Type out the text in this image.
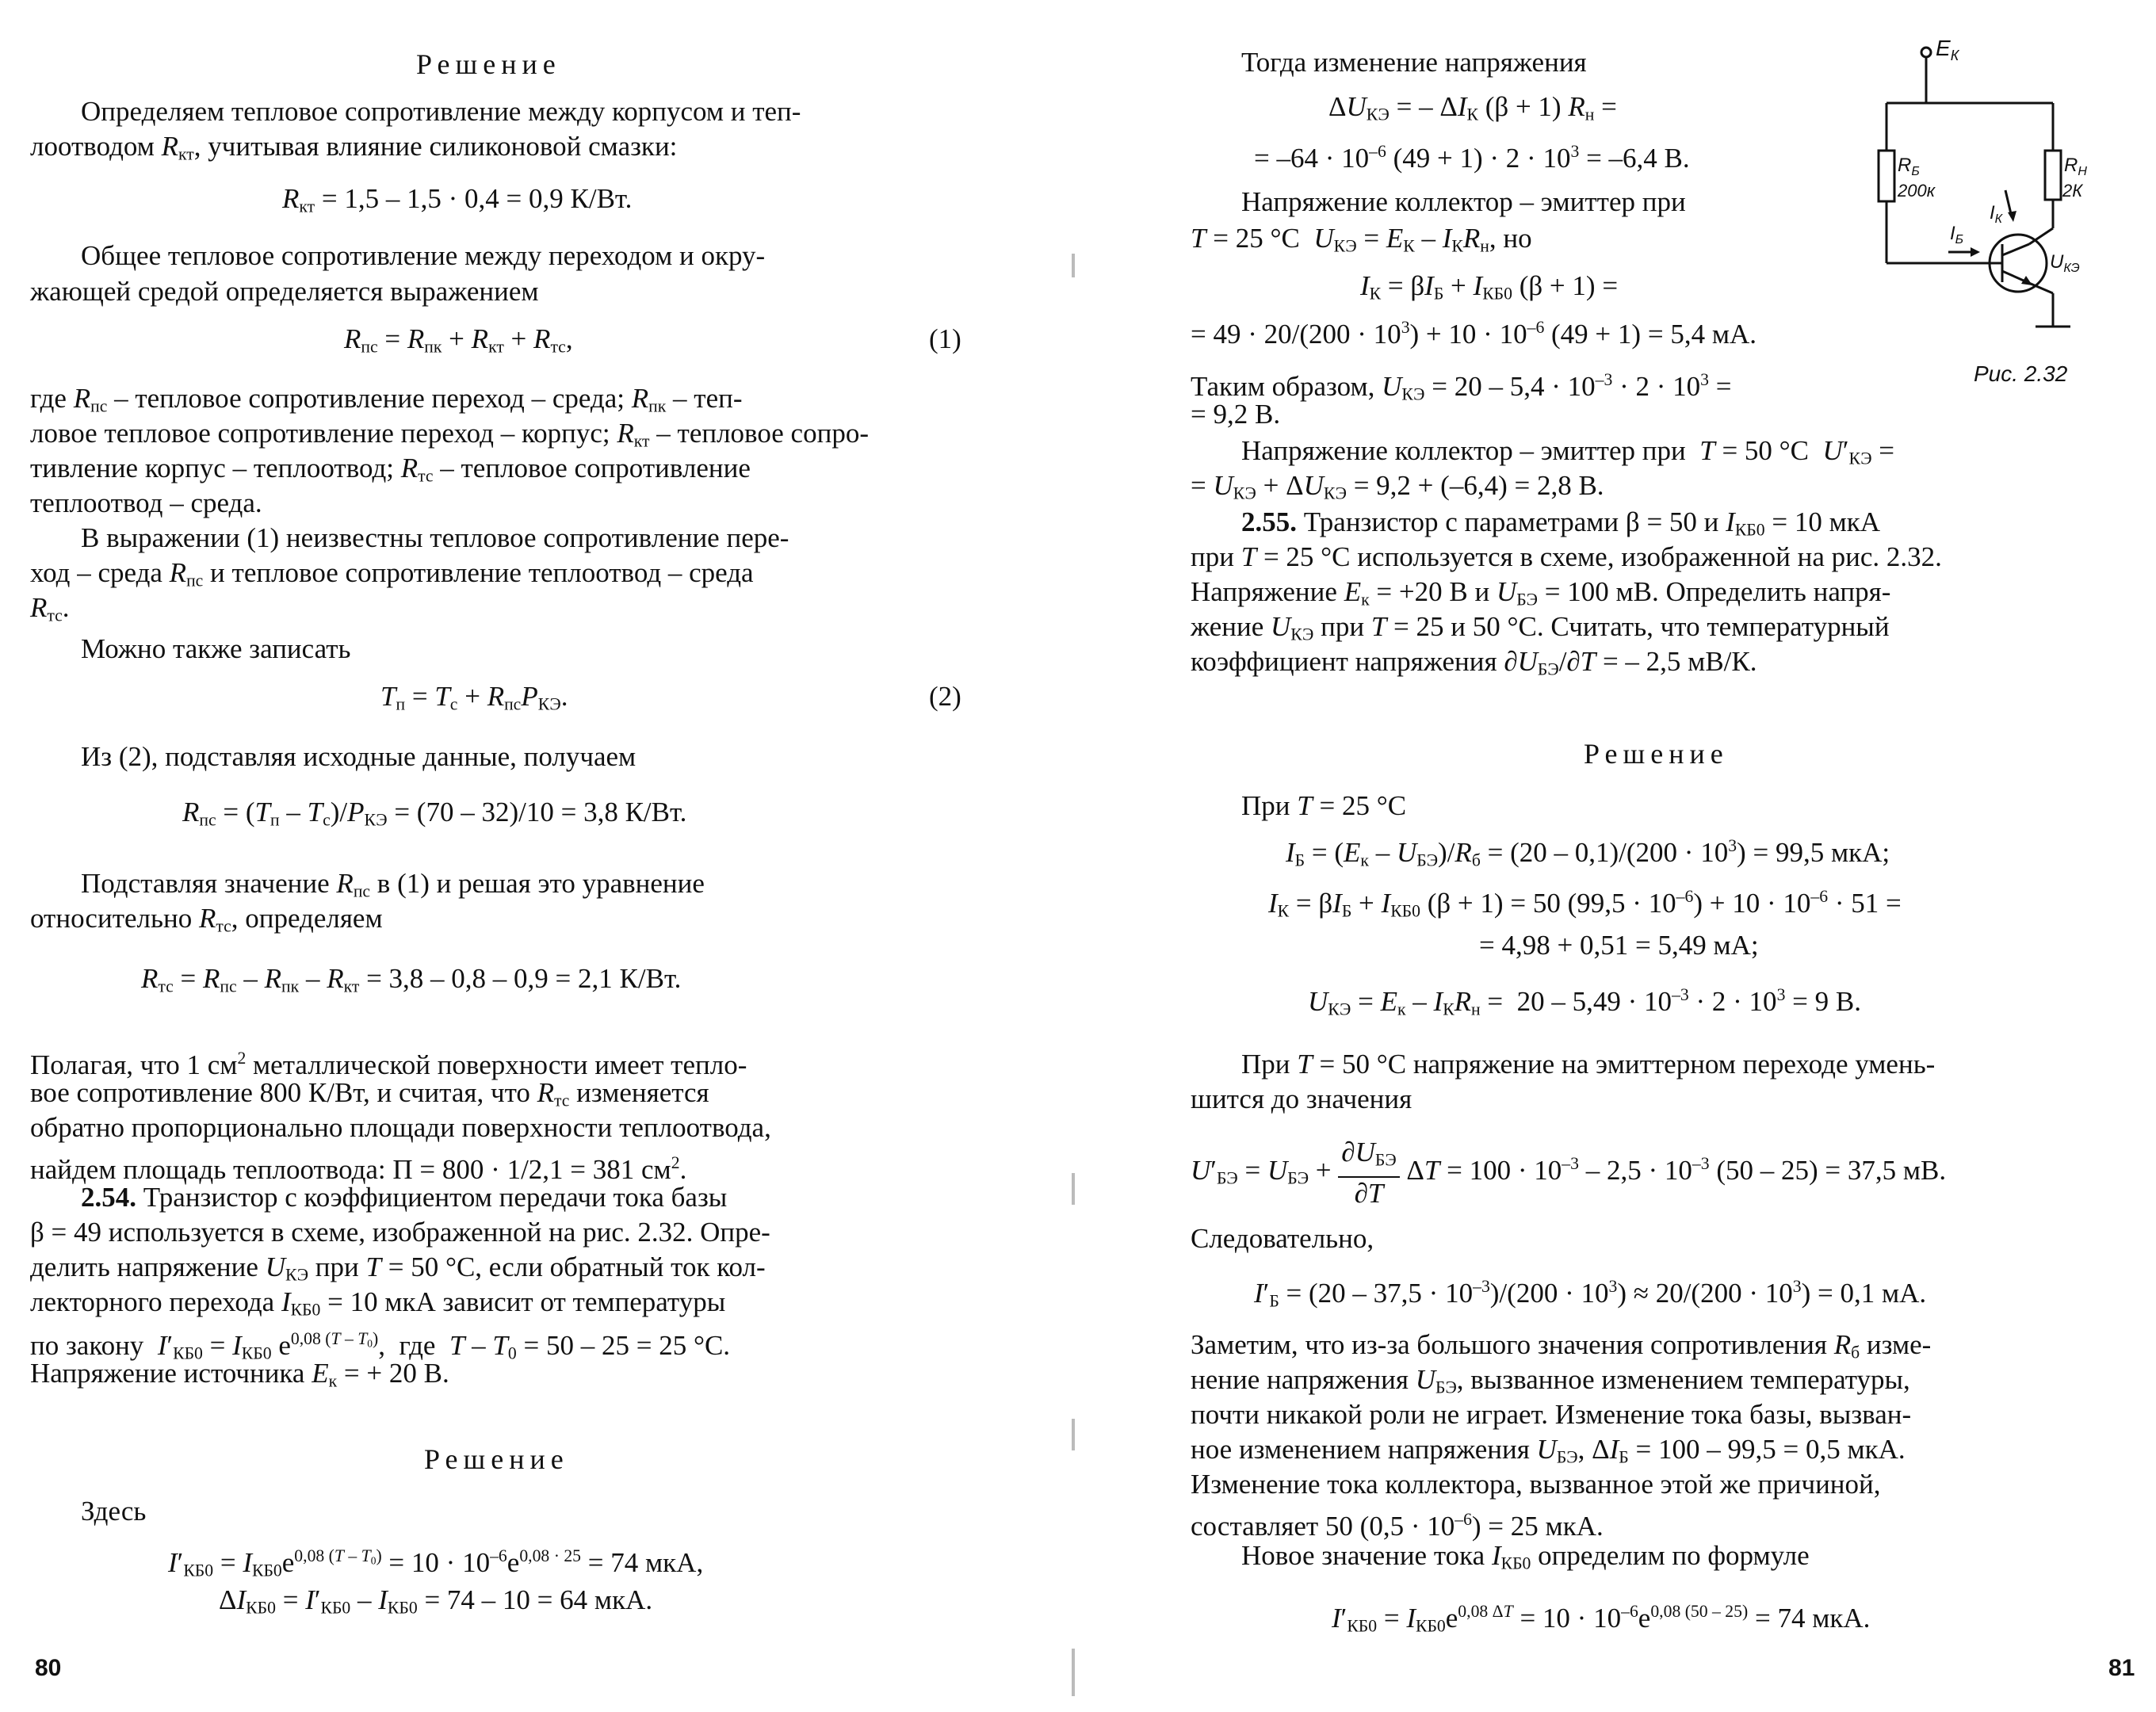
Решение
Определяем тепловое сопротивление между корпусом и теп-
лоотводом $R_{кт}$, учитывая влияние силиконовой смазки:
$R_{кт} = 1,5 - 1,5 \cdot 0,4 = 0,9$ К/Вт.
Общее тепловое сопротивление между переходом и окру-
жающей средой определяется выражением
$R_{пс} = R_{пк} + R_{кт} + R_{тс}$,	(1)
где $R_{пс}$ – тепловое сопротивление переход – среда; $R_{пк} - теп-$
ловое тепловое сопротивление переход – корпус; $R_{кт}$ – тепловое сопро-
тивление корпус – теплоотвод; $R_{тс}$ – тепловое сопротивление
теплоотвод – среда.
В выражении (1) неизвестны тепловое сопротивление пере-
ход – среда $R_{пс}$ и тепловое сопротивление теплоотвод – среда
$R_{тс}$.
Можно также записать
$T_п = T_с + R_{пс}P_{КЭ}$.	(2)
Из (2), подставляя исходные данные, получаем
$R_{пс} = (T_п - T_с)/P_{КЭ} = (70 - 32)/10 = 3,8$ К/Вт.
Подставляя значение $R_{пс}$ в (1) и решая это уравнение
относительно $R_{тс}$, определяем
$R_{тс} = R_{пс} - R_{пк} - R_{кт} = 3,8 - 0,8 - 0,9 = 2,1$ К/Вт.
Полагая, что 1 $см^2$ металлической поверхности имеет тепло-
вое сопротивление 800 К/Вт, и считая, что $R_{тс}$ изменяется
обратно пропорционально площади поверхности теплоотвода,
найдем площадь теплоотвода: П = 800 · 1/2,1 = 381 $см^2$.
2.54. Транзистор с коэффициентом передачи тока базы
β = 49 используется в схеме, изображенной на рис. 2.32. Опре-
делить напряжение $U_{КЭ}$ при T = 50 °С, если обратный ток кол-
лекторного перехода $I_{КБ0} = 10$ мкА зависит от температуры
по закону $I'_{КБ0} = I_{КБ0}$ $e^{0,08 (T - T_0)}$,  где $T - T_0 = 50 - 25 = 25$ °С.
Напряжение источника $E_к$ = + 20 В.
Решение
Здесь
$I'_{КБ0} = I_{КБ0}e^{0,08 (T - T_0)} = 10 \cdot 10^{-6}e^{0,08 \cdot 25} = 74$ мкА,
$\Delta I_{КБ0} = I'_{КБ0} - I_{КБ0} = 74 - 10 = 64$ мкА.
80
Тогда изменение напряжения
$\Delta U_{КЭ}$ = – $\Delta I_К$ (β + 1) $R_н$ =
= $-64 \cdot 10^{-6}$ $(49 + 1) \cdot 2 \cdot 10^3 = -6,4$ В.
Напряжение коллектор – эмиттер при
T = 25 °С  $U_{КЭ} = E_К - I_КR_н$, но
$I_К = \beta I_Б + I_{КБ0}$ (β + 1) =
= $49 \cdot 20/(200 \cdot 10^3) + 10 \cdot 10^{-6}$ (49 + 1) = 5,4 мА.
Таким образом, $U_{КЭ} = 20 - 5,4 \cdot 10^{-3} \cdot 2 \cdot 10^3$ =
= 9,2 В.
Напряжение коллектор – эмиттер при T = 50 °С  $U'_{КЭ}$ =
= $U_{КЭ} + \Delta U_{КЭ} = 9,2 + (-6,4) = 2,8$ В.
2.55. Транзистор с параметрами β = 50 и $I_{КБ0} = 10$ мкА
при T = 25 °С используется в схеме, изображенной на рис. 2.32.
Напряжение $E_к = +20$ В и $U_{БЭ} = 100$ мВ. Определить напря-
жение $U_{КЭ}$ при T = 25 и 50 °С. Считать, что температурный
коэффициент напряжения $\partial U_{БЭ}/\partial T$ = – 2,5 мВ/К.
$Е_К$
$R_Б$
200к
$R_Н$
2К
$I_К$
$I_Б$
$U_{КЭ}$
Рис. 2.32
Решение
При T = 25 °С
$I_Б = (E_к - U_{БЭ})/R_б = (20 - 0,1)/(200 \cdot 10^3) = 99,5$ мкА;
$I_К = \beta I_Б + I_{КБ0}$ (β + 1) = 50 $(99,5 \cdot 10^{-6}) + 10 \cdot 10^{-6} \cdot 51$ =
= 4,98 + 0,51 = 5,49 мА;
$U_{КЭ} = E_к - I_КR_н = 20 - 5,49 \cdot 10^{-3} \cdot 2 \cdot 10^3 = 9$ В.
При T = 50 °С напряжение на эмиттерном переходе умень-
шится до значения
$U'_{БЭ} = U_{БЭ} + \frac{\partial U_{БЭ}}{\partial T}$ $\Delta T = 100 \cdot 10^{-3} - 2,5 \cdot 10^{-3}$ (50 – 25) = 37,5 мВ.
Следовательно,
$I'_Б = (20 - 37,5 \cdot 10^{-3})/(200 \cdot 10^3) \approx 20/(200 \cdot 10^3) = 0,1$ мА.
Заметим, что из-за большого значения сопротивления $R_б$ изме-
нение напряжения $U_{БЭ}$, вызванное изменением температуры,
почти никакой роли не играет. Изменение тока базы, вызван-
ное изменением напряжения $U_{БЭ}$, $\Delta I_Б = 100 - 99,5 = 0,5$ мкА.
Изменение тока коллектора, вызванное этой же причиной,
составляет 50 $(0,5 \cdot 10^{-6}) = 25$ мкА.
Новое значение тока $I_{КБ0}$ определим по формуле
$I'_{КБ0} = I_{КБ0}e^{0,08 \Delta T} = 10 \cdot 10^{-6}e^{0,08 (50 - 25)} = 74$ мкА.
81
